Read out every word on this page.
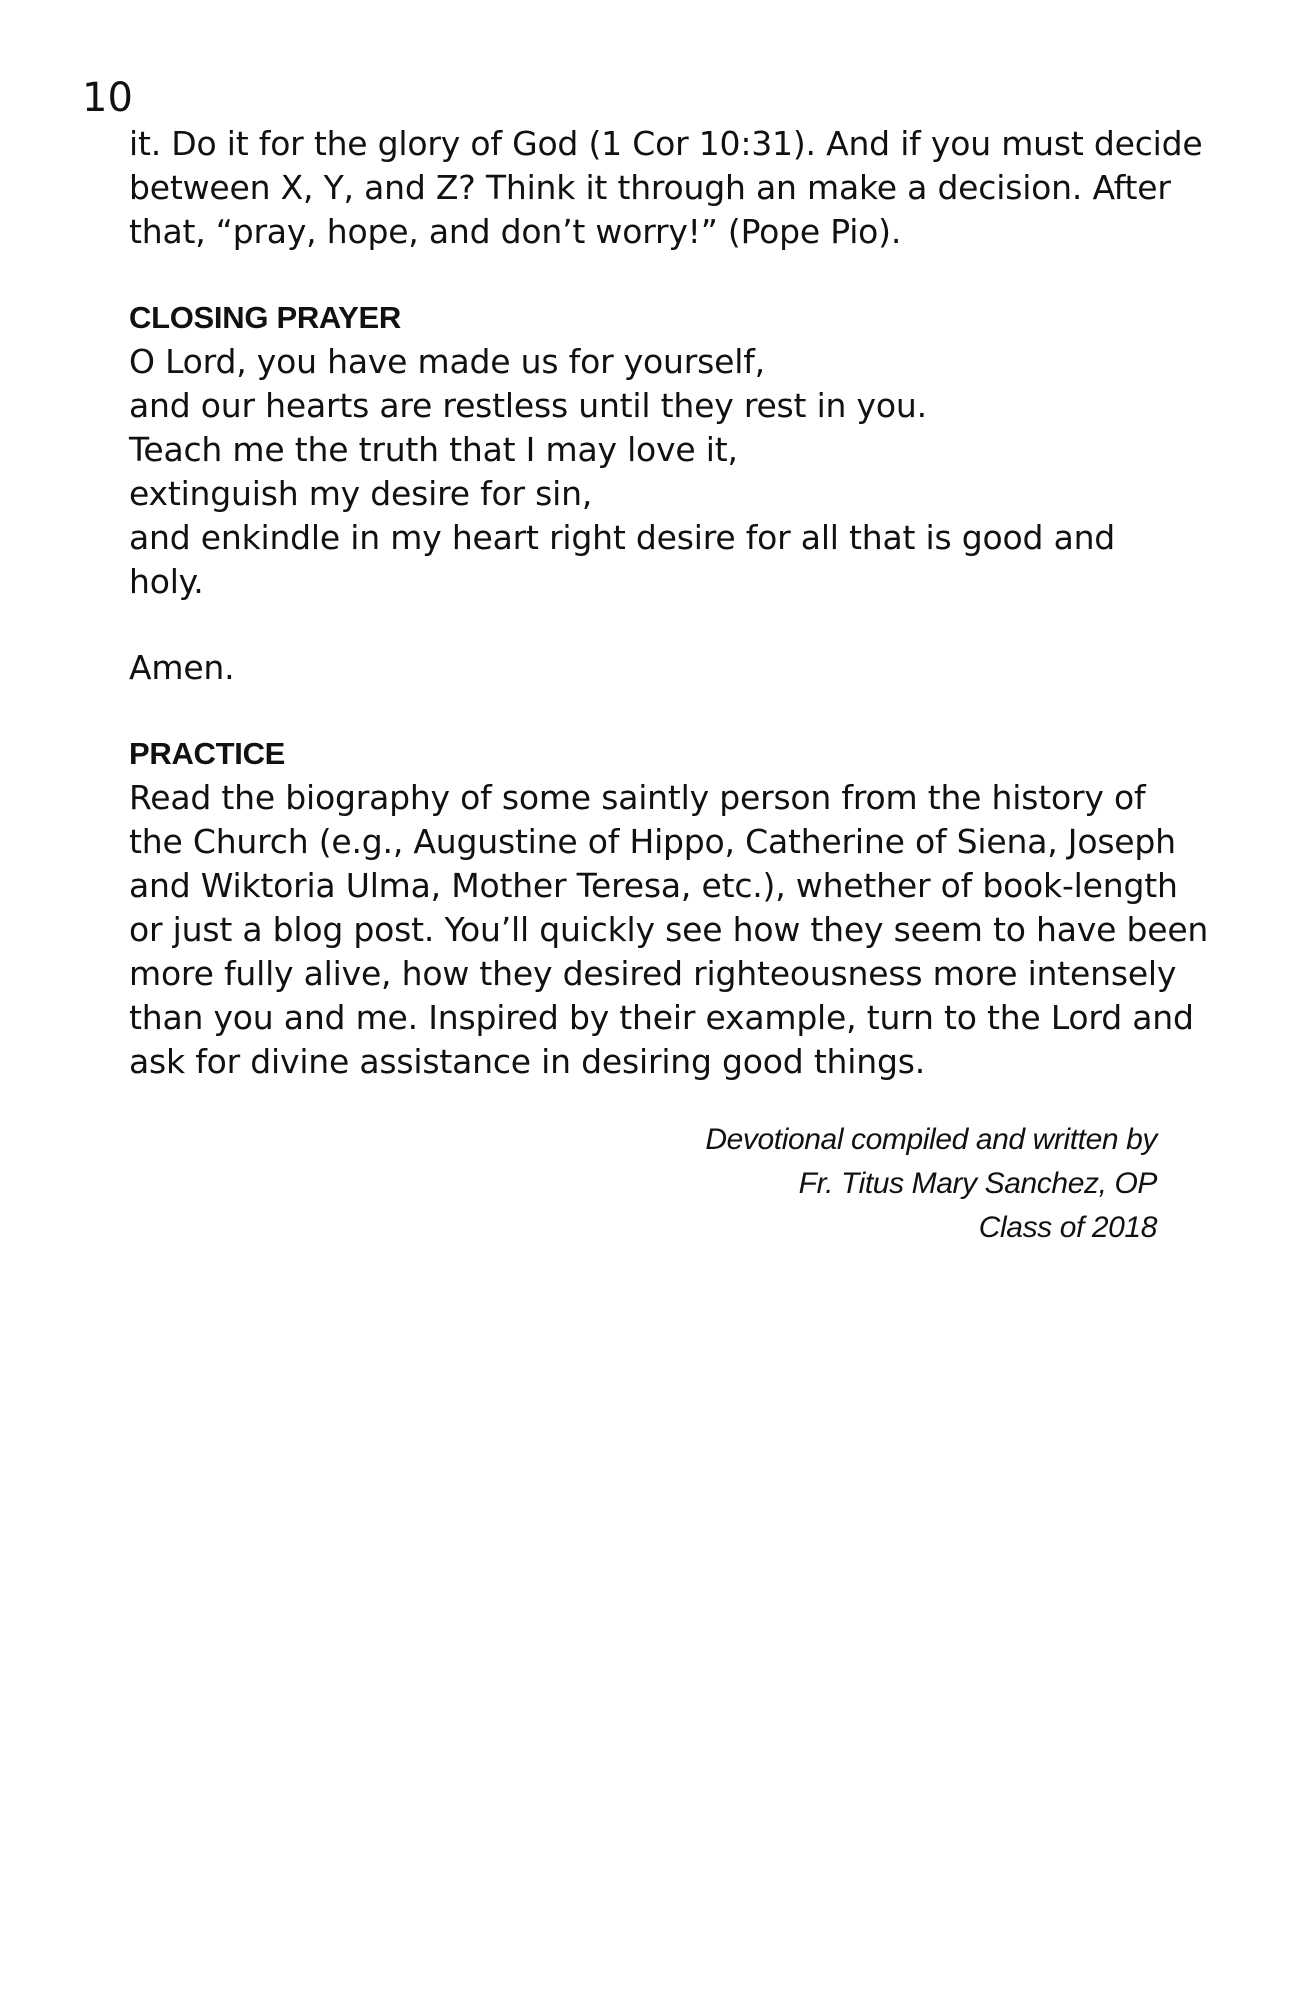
10
it. Do it for the glory of God (1 Cor 10:31). And if you must decide
between X, Y, and Z? Think it through an make a decision. After
that, “pray, hope, and don’t worry!” (Pope Pio).
CLOSING PRAYER
O Lord, you have made us for yourself,
and our hearts are restless until they rest in you.
Teach me the truth that I may love it,
extinguish my desire for sin,
and enkindle in my heart right desire for all that is good and
holy.
Amen.
PRACTICE
Read the biography of some saintly person from the history of
the Church (e.g., Augustine of Hippo, Catherine of Siena, Joseph
and Wiktoria Ulma, Mother Teresa, etc.), whether of book-length
or just a blog post. You’ll quickly see how they seem to have been
more fully alive, how they desired righteousness more intensely
than you and me. Inspired by their example, turn to the Lord and
ask for divine assistance in desiring good things.
Devotional compiled and written by
Fr. Titus Mary Sanchez, OP
Class of 2018
